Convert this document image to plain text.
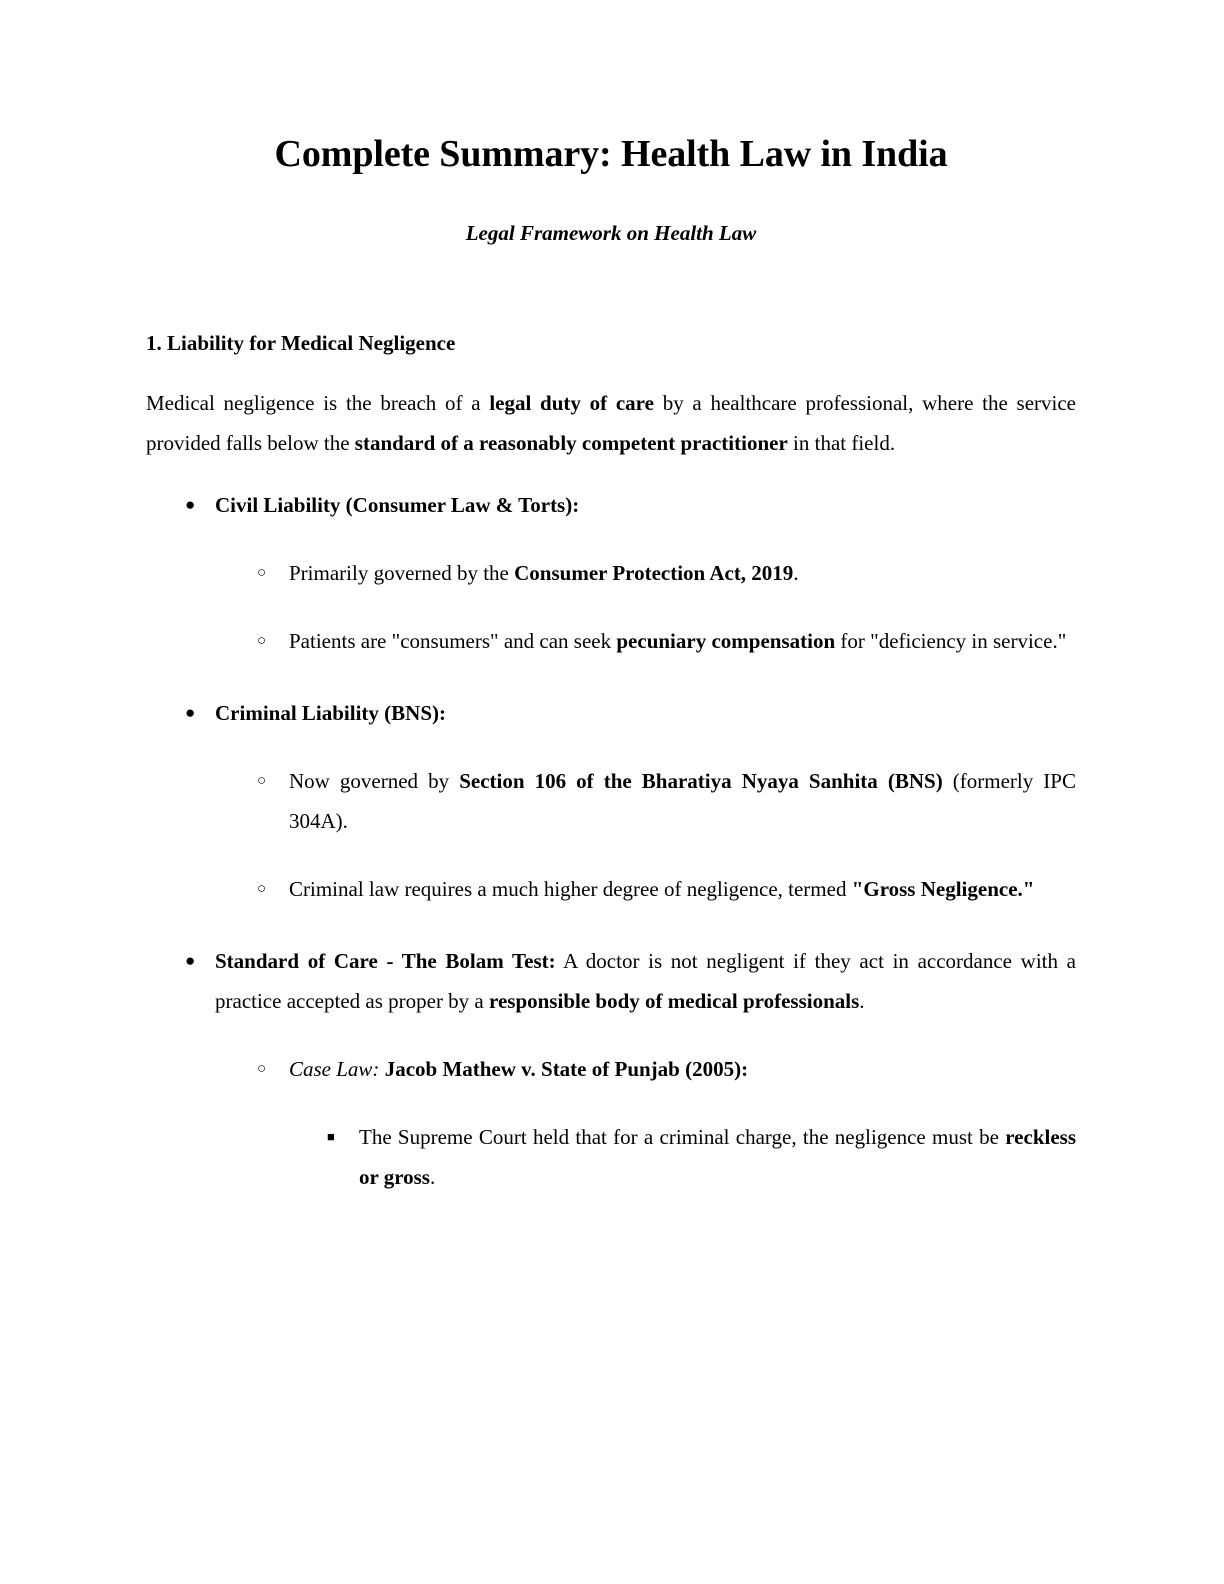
Complete Summary: Health Law in India
Legal Framework on Health Law
1. Liability for Medical Negligence

Medical negligence is the breach of a legal duty of care by a healthcare professional, where the service provided falls below the standard of a reasonably competent practitioner in that field.

● Civil Liability (Consumer Law & Torts):
○	Primarily governed by the Consumer Protection Act, 2019.
○	Patients are "consumers" and can seek pecuniary compensation for "deficiency in service."
● Criminal Liability (BNS):
○	Now governed by Section 106 of the Bharatiya Nyaya Sanhita (BNS) (formerly IPC 304A).
○	Criminal law requires a much higher degree of negligence, termed "Gross Negligence."
● Standard of Care - The Bolam Test: A doctor is not negligent if they act in accordance with a practice accepted as proper by a responsible body of medical professionals.
○	Case Law: Jacob Mathew v. State of Punjab (2005):
■	The Supreme Court held that for a criminal charge, the negligence must be reckless or gross.
